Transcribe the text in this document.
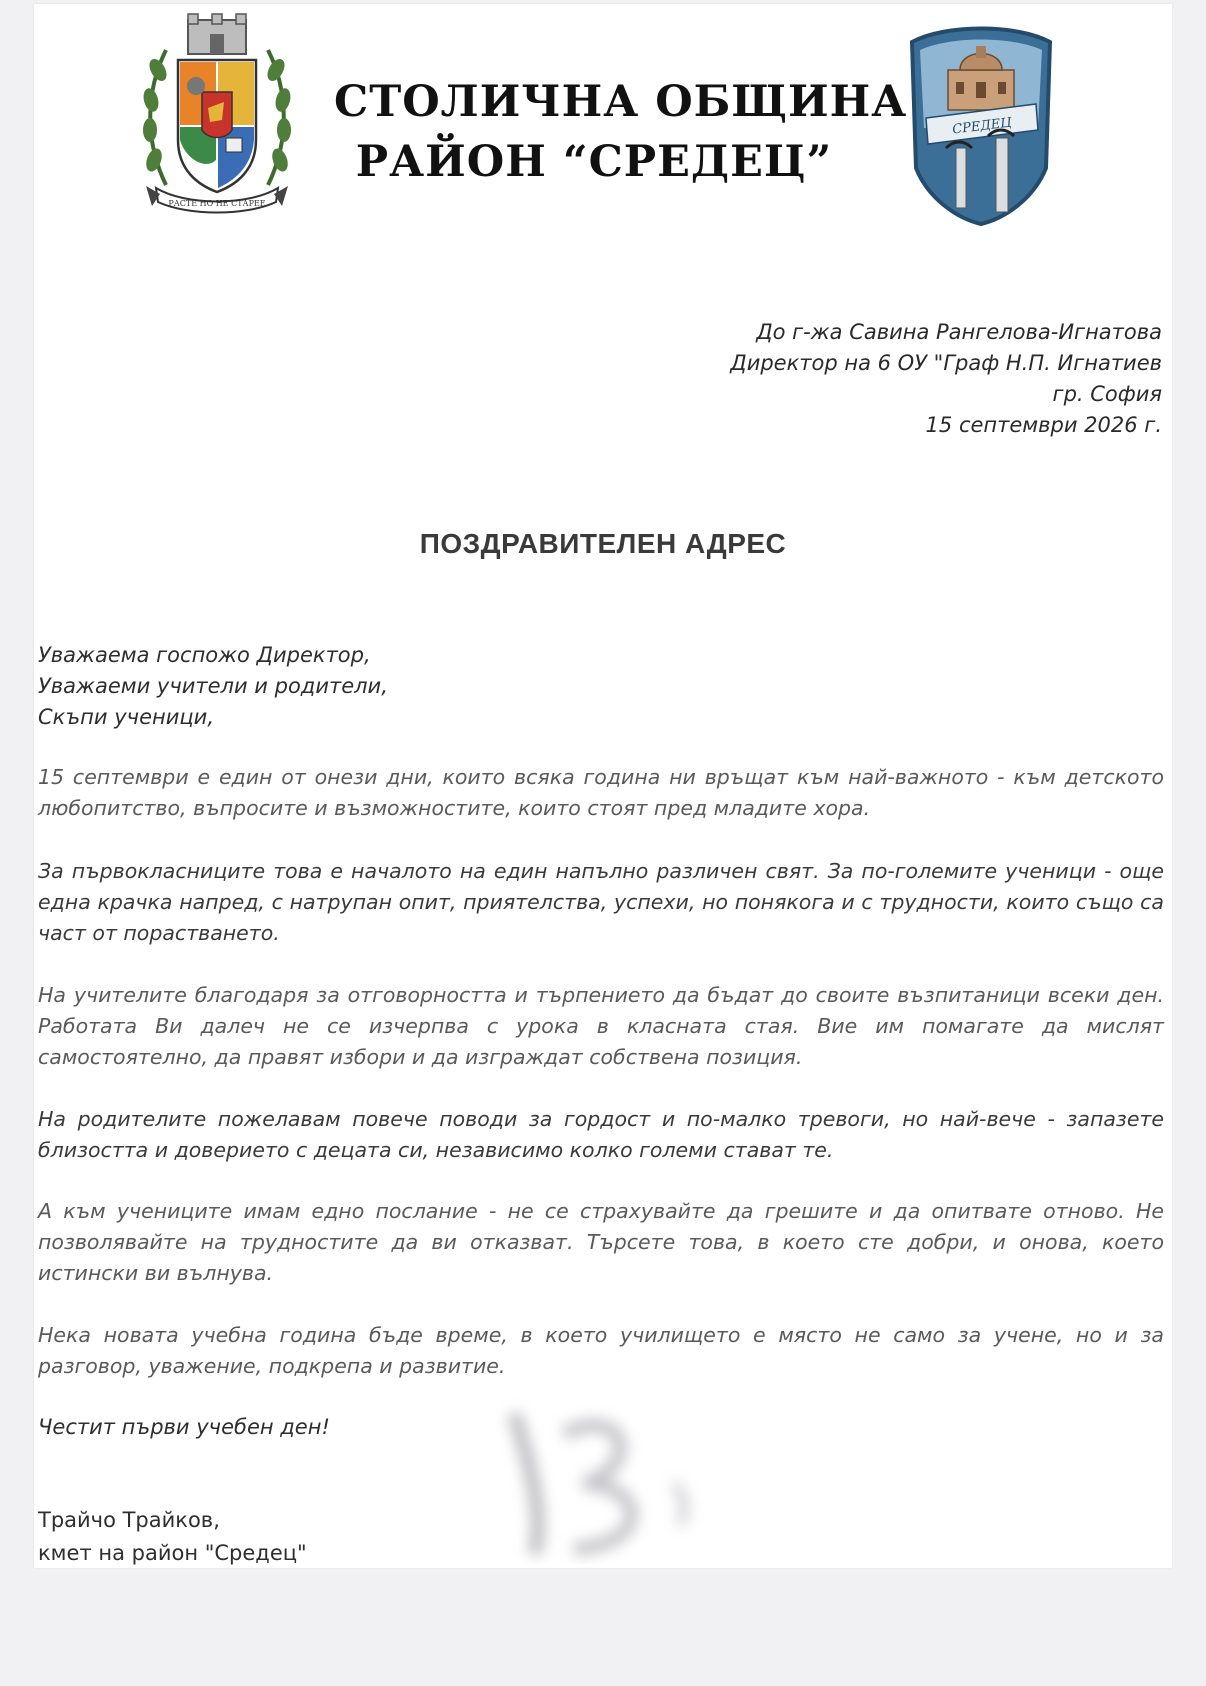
РАСТЕ НО НЕ СТАРЕЕ
СТОЛИЧНА ОБЩИНА
РАЙОН “СРЕДЕЦ”
СРЕДЕЦ
До г-жа Савина Рангелова-Игнатова
Директор на 6 ОУ "Граф Н.П. Игнатиев
гр. София
15 септември 2026 г.
ПОЗДРАВИТЕЛЕН АДРЕС
Уважаема госпожо Директор,
Уважаеми учители и родители,
Скъпи ученици,
15 септември е един от онези дни, които всяка година ни връщат към най-важното - към детското любопитство, въпросите и възможностите, които стоят пред младите хора.
За първокласниците това е началото на един напълно различен свят. За по-големите ученици - още една крачка напред, с натрупан опит, приятелства, успехи, но понякога и с трудности, които също са част от порастването.
На учителите благодаря за отговорността и търпението да бъдат до своите възпитаници всеки ден. Работата Ви далеч не се изчерпва с урока в класната стая. Вие им помагате да мислят самостоятелно, да правят избори и да изграждат собствена позиция.
На родителите пожелавам повече поводи за гордост и по-малко тревоги, но най-вече - запазете близостта и доверието с децата си, независимо колко големи стават те.
А към учениците имам едно послание - не се страхувайте да грешите и да опитвате отново. Не позволявайте на трудностите да ви отказват. Търсете това, в което сте добри, и онова, което истински ви вълнува.
Нека новата учебна година бъде време, в което училището е място не само за учене, но и за разговор, уважение, подкрепа и развитие.
Честит първи учебен ден!
Трайчо Трайков,
кмет на район "Средец"
